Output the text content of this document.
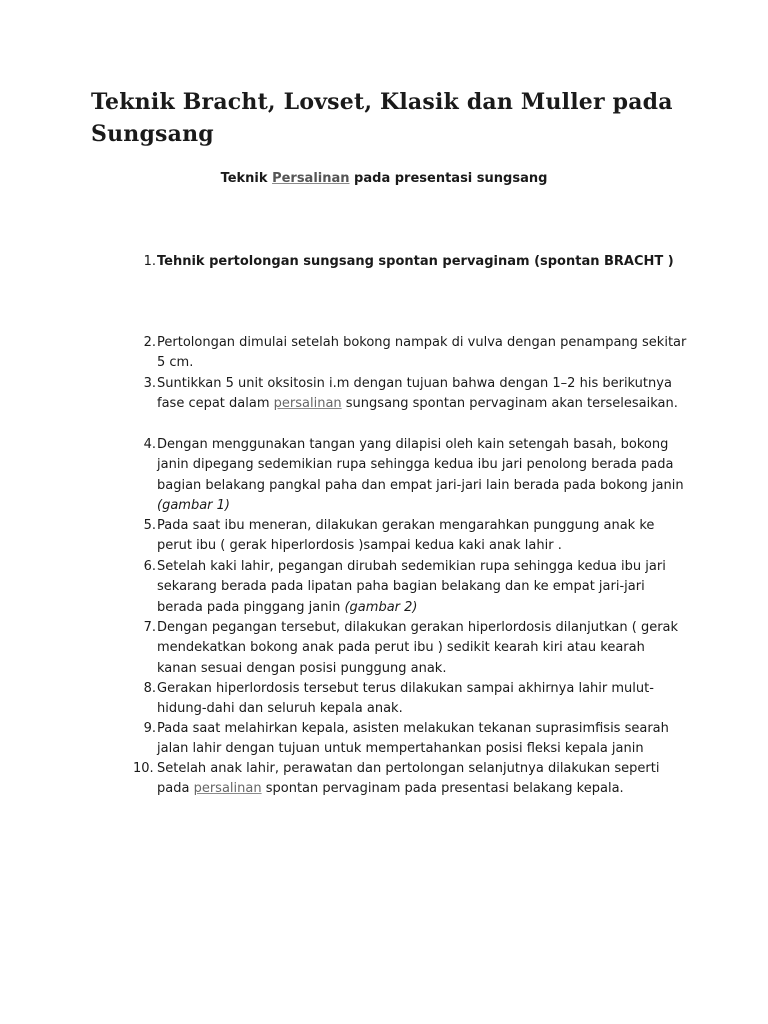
Teknik Bracht, Lovset, Klasik dan Muller pada Sungsang
Teknik Persalinan pada presentasi sungsang
1. Tehnik pertolongan sungsang spontan pervaginam (spontan BRACHT )
2. Pertolongan dimulai setelah bokong nampak di vulva dengan penampang sekitar 5 cm.
3. Suntikkan 5 unit oksitosin i.m dengan tujuan bahwa dengan 1–2 his berikutnya fase cepat dalam persalinan sungsang spontan pervaginam akan terselesaikan.
4. Dengan menggunakan tangan yang dilapisi oleh kain setengah basah, bokong janin dipegang sedemikian rupa sehingga kedua ibu jari penolong berada pada bagian belakang pangkal paha dan empat jari-jari lain berada pada bokong janin (gambar 1)
5. Pada saat ibu meneran, dilakukan gerakan mengarahkan punggung anak ke perut ibu ( gerak hiperlordosis )sampai kedua kaki anak lahir .
6. Setelah kaki lahir, pegangan dirubah sedemikian rupa sehingga kedua ibu jari sekarang berada pada lipatan paha bagian belakang dan ke empat jari-jari berada pada pinggang janin (gambar 2)
7. Dengan pegangan tersebut, dilakukan gerakan hiperlordosis dilanjutkan ( gerak mendekatkan bokong anak pada perut ibu ) sedikit kearah kiri atau kearah kanan sesuai dengan posisi punggung anak.
8. Gerakan hiperlordosis tersebut terus dilakukan sampai akhirnya lahir mulut-hidung-dahi dan seluruh kepala anak.
9. Pada saat melahirkan kepala, asisten melakukan tekanan suprasimfisis searah jalan lahir dengan tujuan untuk mempertahankan posisi fleksi kepala janin
10. Setelah anak lahir, perawatan dan pertolongan selanjutnya dilakukan seperti pada persalinan spontan pervaginam pada presentasi belakang kepala.
